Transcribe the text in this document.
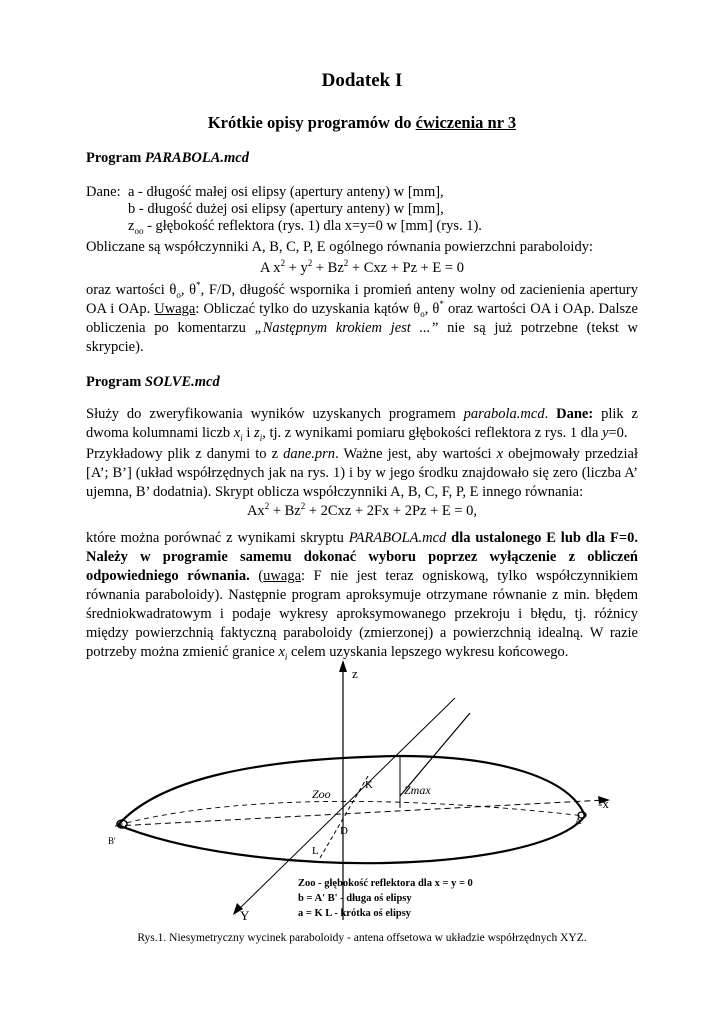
Dodatek I
Krótkie opisy programów do ćwiczenia nr 3
Program PARABOLA.mcd
Dane: a - długość małej osi elipsy (apertury anteny) w [mm],
b - długość dużej osi elipsy (apertury anteny) w [mm],
$z_{oo}$ - głębokość reflektora (rys. 1) dla x=y=0 w [mm] (rys. 1).
Obliczane są współczynniki A, B, C, P, E ogólnego równania powierzchni paraboloidy:
A $x^2 + y^2 + Bz^2$ + Cxz + Pz + E = 0
oraz wartości $\theta_o$, θ*, F/D, długość wspornika i promień anteny wolny od zacienienia apertury OA i OAp. Uwaga: Obliczać tylko do uzyskania kątów $\theta_o$, θ* oraz wartości OA i OAp. Dalsze obliczenia po komentarzu „Następnym krokiem jest ...” nie są już potrzebne (tekst w skrypcie).
Program SOLVE.mcd
Służy do zweryfikowania wyników uzyskanych programem parabola.mcd. Dane: plik z dwoma kolumnami liczb $x_i$ i $z_i$, tj. z wynikami pomiaru głębokości reflektora z rys. 1 dla y=0.
Przykładowy plik z danymi to z dane.prn. Ważne jest, aby wartości x obejmowały przedział [A’; B’] (układ współrzędnych jak na rys. 1) i by w jego środku znajdowało się zero (liczba A’ ujemna, B’ dodatnia). Skrypt oblicza współczynniki A, B, C, F, P, E innego równania:
$Ax^2 + Bz^2 + 2Cxz + 2Fx + 2Pz + E = 0$,
które można porównać z wynikami skryptu PARABOLA.mcd dla ustalonego E lub dla F=0. Należy w programie samemu dokonać wyboru poprzez wyłączenie z obliczeń odpowiedniego równania. (uwaga: F nie jest teraz ogniskową, tylko współczynnikiem równania paraboloidy). Następnie program aproksymuje otrzymane równanie z min. błędem średniokwadratowym i podaje wykresy aproksymowanego przekroju i błędu, tj. różnicy między powierzchnią faktyczną paraboloidy (zmierzonej) a powierzchnią idealną. W razie potrzeby można zmienić granice $x_i$ celem uzyskania lepszego wykresu końcowego.
z
-x
Y
Zoo	Zmax
K
L
D
A'
B'
Zoo - głębokość reflektora dla x = y = 0
b = A' B' - długa oś elipsy
a = K L - krótka oś elipsy
Rys.1. Niesymetryczny wycinek paraboloidy - antena offsetowa w układzie współrzędnych XYZ.
